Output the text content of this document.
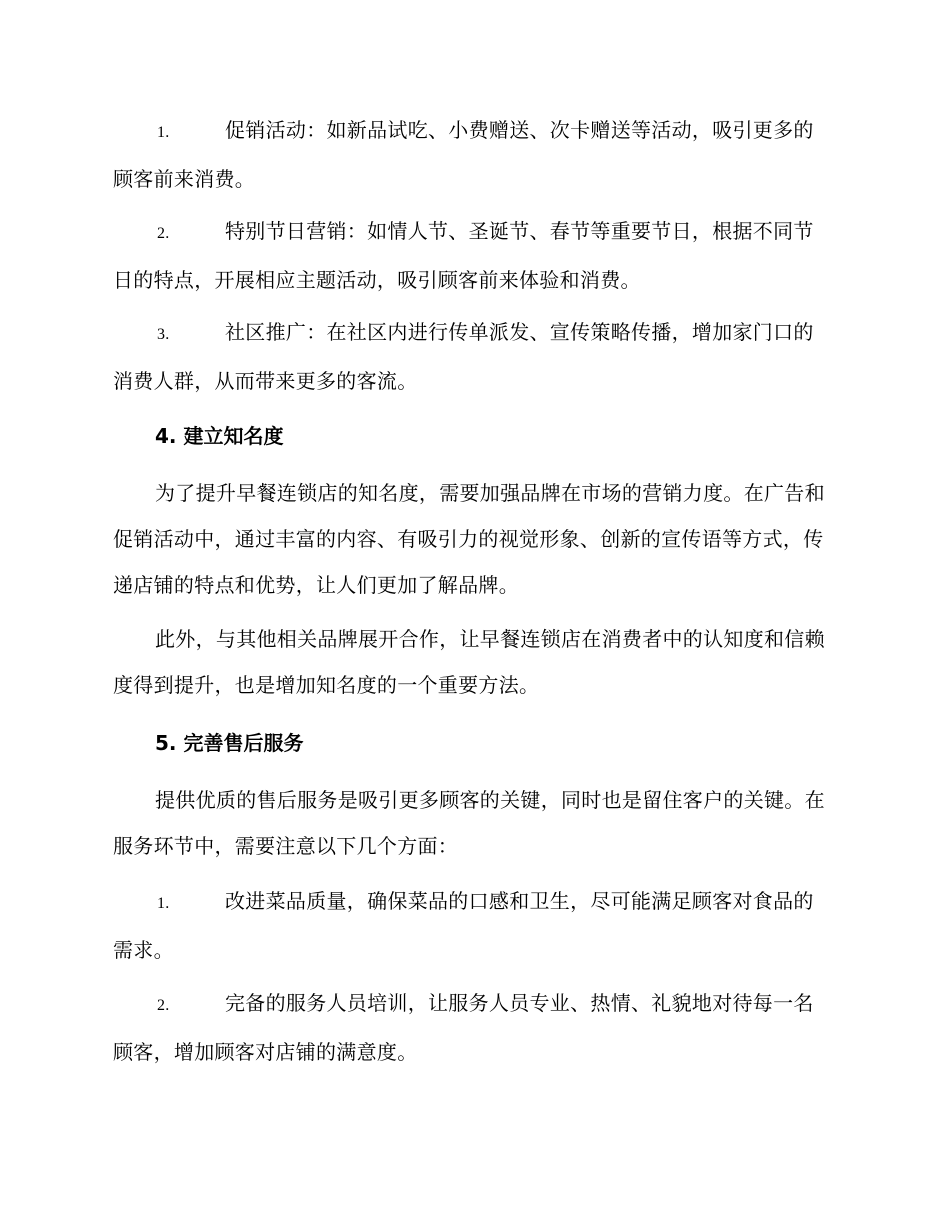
1.	促销活动：如新品试吃、小费赠送、次卡赠送等活动，吸引更多的顾客前来消费。
2.	特别节日营销：如情人节、圣诞节、春节等重要节日，根据不同节日的特点，开展相应主题活动，吸引顾客前来体验和消费。
3.	社区推广：在社区内进行传单派发、宣传策略传播，增加家门口的消费人群，从而带来更多的客流。
4. 建立知名度
为了提升早餐连锁店的知名度，需要加强品牌在市场的营销力度。在广告和促销活动中，通过丰富的内容、有吸引力的视觉形象、创新的宣传语等方式，传递店铺的特点和优势，让人们更加了解品牌。
此外，与其他相关品牌展开合作，让早餐连锁店在消费者中的认知度和信赖度得到提升，也是增加知名度的一个重要方法。
5. 完善售后服务
提供优质的售后服务是吸引更多顾客的关键，同时也是留住客户的关键。在服务环节中，需要注意以下几个方面：
1.	改进菜品质量，确保菜品的口感和卫生，尽可能满足顾客对食品的需求。
2.	完备的服务人员培训，让服务人员专业、热情、礼貌地对待每一名顾客，增加顾客对店铺的满意度。
